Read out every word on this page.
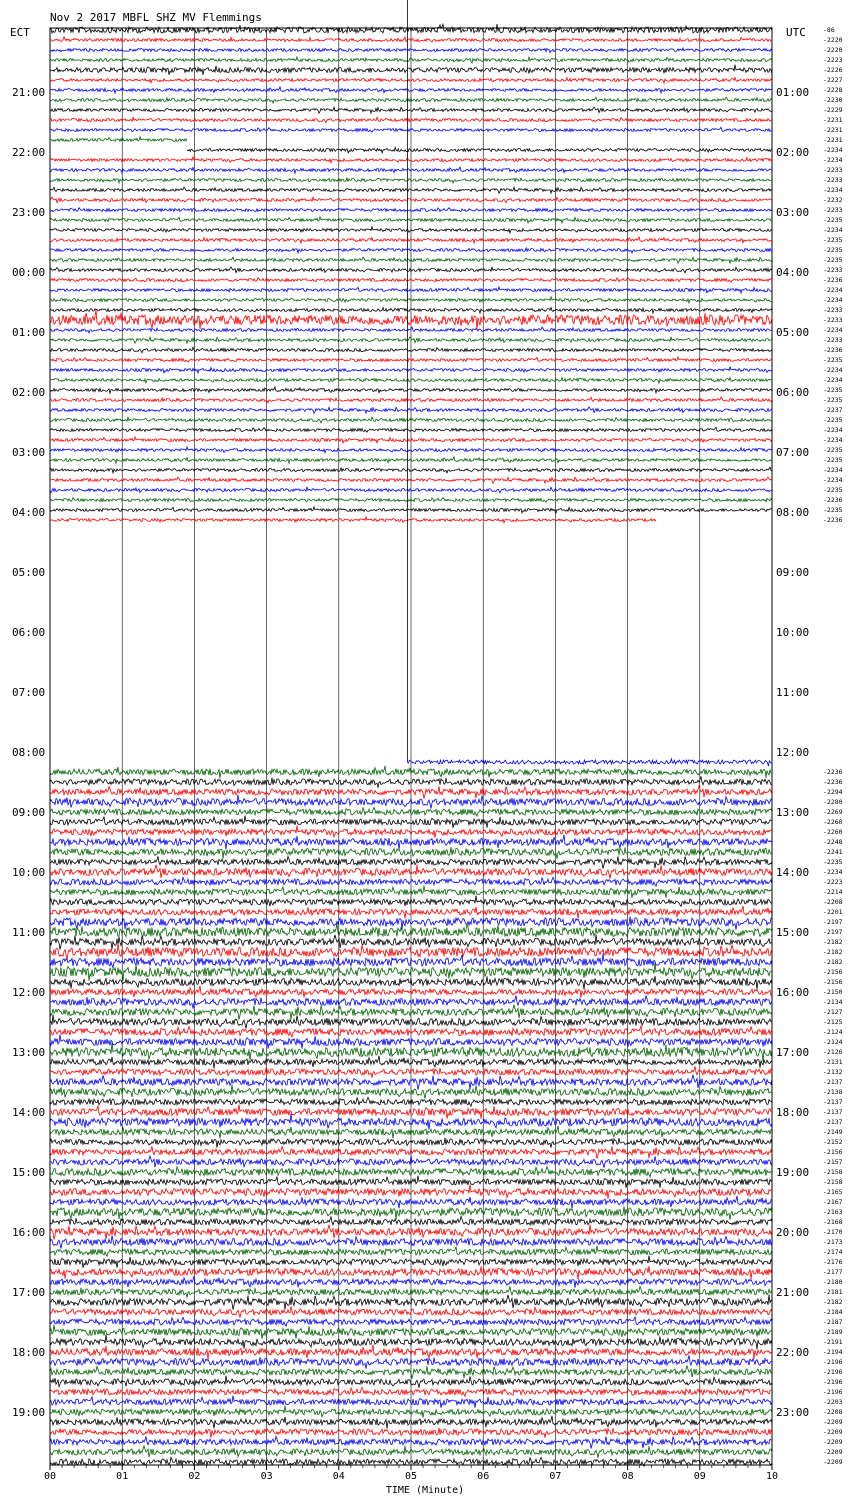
Nov 2 2017 MBFL SHZ MV Flemmings
ECT	UTC
21:00	01:00
22:00	02:00
23:00	03:00
00:00	04:00
01:00	05:00
02:00	06:00
03:00	07:00
04:00	08:00
05:00	09:00
06:00	10:00
07:00	11:00
08:00	12:00
09:00	13:00
10:00	14:00
11:00	15:00
12:00	16:00
13:00	17:00
14:00	18:00
15:00	19:00
16:00	20:00
17:00	21:00
18:00	22:00
19:00	23:00
-86
-2220
-2220
-2223
-2226
-2227
-2228
-2230
-2229
-2231
-2231
-2231
-2234
-2234
-2233
-2233
-2234
-2232
-2233
-2235
-2234
-2235
-2235
-2235
-2233
-2236
-2234
-2234
-2233
-2233
-2234
-2233
-2236
-2235
-2234
-2234
-2235
-2235
-2237
-2235
-2234
-2234
-2235
-2235
-2234
-2234
-2235
-2236
-2235
-2236
-2236
-2236
-2294
-2280
-2269
-2260
-2260
-2248
-2241
-2235
-2234
-2223
-2214
-2208
-2201
-2197
-2197
-2182
-2182
-2182
-2156
-2156
-2150
-2134
-2127
-2125
-2124
-2124
-2126
-2131
-2132
-2137
-2138
-2137
-2137
-2137
-2149
-2152
-2156
-2157
-2158
-2158
-2165
-2167
-2163
-2168
-2170
-2173
-2174
-2176
-2177
-2180
-2181
-2182
-2184
-2187
-2189
-2191
-2194
-2196
-2196
-2196
-2196
-2203
-2208
-2209
-2209
-2209
-2209
-2209
00	01	02	03	04	05	06	07	08	09	10
TIME (Minute)
